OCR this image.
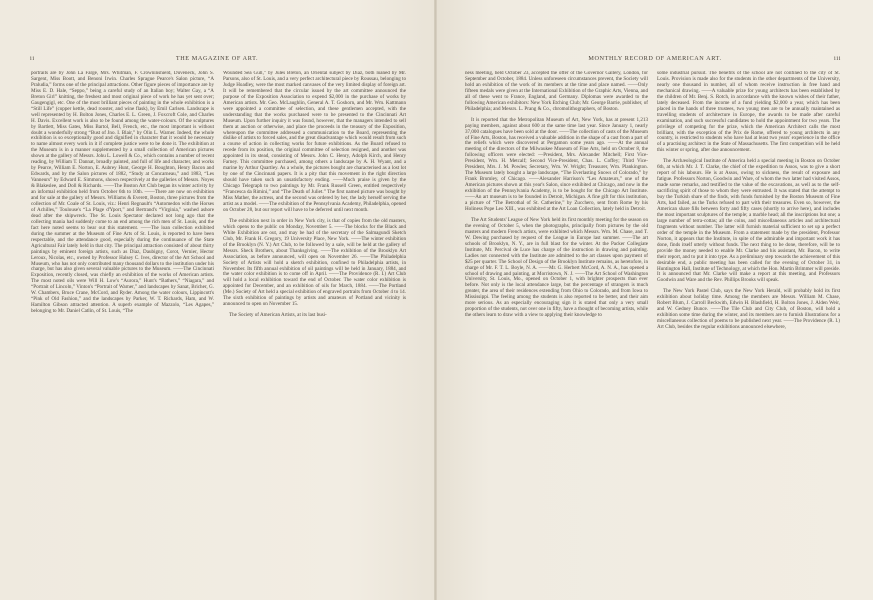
ii	THE MAGAZINE OF ART.

portraits are by John La Farge, Mrs. Whitman, F. Crowninshield, Duveneck, John S. Sargent, Miss Boott, and Benoni Irwin. Charles Sprague Pearce's Salon picture, “A Praludia,” forms one of the principal attractions. Other figure pieces of importance are by Miss E. D. Hale, “Seppo,” being a careful study of an Italian boy; Walter Gay, a “A Breton Girl” knitting, the freshest and most original piece of work he has yet sent over; Gaugengigl, etc. One of the most brilliant pieces of painting in the whole exhibition is a “Still Life” (copper kettle, dead rooster, and wine flask), by Emil Carlsen. Landscape is well represented by H. Bolton Jones, Charles E. L. Green, J. Foxcroft Cole, and Charles H. Davis. Excellent work is also to be found among the water-colours. Of the sculptures by Bartlett, Miss Gates, Miss Bartol, Bell, French, etc., the most important is without doubt a wonderfully strong “Bust of Jno. I. Blair,” by Olin L. Warner. Indeed, the whole exhibition is so exceptionally good and dignified in character that it would be necessary to name almost every work in it if complete justice were to be done it. The exhibition at the Museum is in a manner supplemented by a small collection of American pictures shown at the gallery of Messrs. Johu L. Lowell & Co., which contains a number of recent reading, by William T. Dannat, broadly painted, and full of life and character, and works by Pearce, William E. Norton, E. Aubrey Hunt, George H. Boughton, Henry Bacon and Edwards, and by the Salon pictures of 1882, “Study at Concarneau,” and 1883, “Les Vanneurs” by Edward E. Simmons, shown respectively at the galleries of Messrs. Noyes & Blakeslee, and Doll & Richards. ——The Boston Art Club began its winter activity by an informal exhibition held from October 6th to 10th. ——There are now on exhibition and for sale at the gallery of Messrs. Williams & Everett, Boston, three pictures from the collection of Mr. Coale of St. Louis, viz.: Henri Regnault's “Automedon with the Horses of Achilles,” Toulouse's “La Plage d'Yport,” and Bertrand's “Virginia,” washed ashore dead after the shipwreck. The St. Louis Spectator declared not long ago that the collecting mania had suddenly come to an end among the rich men of St. Louis, and the fact here noted seems to bear out this statement. ——The loan collection exhibited during the summer at the Museum of Fine Arts of St. Louis, is reported to have been respectable, and the attendance good, especially during the continuance of the State Agricultural Fair lately held in that city. The principal attraction consisted of about thirty paintings by eminent foreign artists, such as Diaz, Daubigny, Corot, Vernier, Hector Leroux, Nicolas, etc., owned by Professor Halsey C. Ives, director of the Art School and Museum, who has not only contributed many thousand dollars to the institution under his charge, but has also given several valuable pictures to the Museum. ——The Cincinnati Exposition, recently closed, was chiefly an exhibition of the works of American artists. The most noted oils were Will H. Low's “Aurora,” Hunt's “Bathers,” “Niagara,” and “Portrait of Lincoln,” Vinton's “Portrait of Warner,” and landscapes by Sanat, Bricher, G. W. Chambers, Bruce Crane, McCord, and Ryder. Among the water colours, Lippincott's “Pink of Old Fashion,” and the landscapes by Parker, W. T. Richards, Ham, and W. Hamilton Gibson attracted attention. A superb example of Mazzolo, “Les Agapes,” belonging to Mr. Daniel Catlin, of St. Louis, “The

Wounded Sea Gull,” by Jules Breton, an Oriental subject by Diaz, both loaned by Mr. Parsons, also of St. Louis, and a very perfect architectural piece by Roussau, belonging to Judge Hoadley, were the most marked canvases of the very limited display of foreign art. It will be remembered that the circular issued by the art committee announced the purpose of the Exposition Association to expend $2,000 in the purchase of works by American artists. Mr. Geo. McLaughlin, General A. T. Goshorn, and Mr. Wm. Kattmann were appointed a committee of selection, and these gentlemen accepted, with the understanding that the works purchased were to be presented to the Cincinnati Art Museum. Upon further inquiry it was found, however, that the managers intended to sell them at auction or otherwise, and place the proceeds in the treasury of the Exposition, whereupon the committee addressed a communication to the Board, representing the dislike of artists to forced sales, and the great disadvantage which would result from such a course of action in collecting works for future exhibitions. As the Board refused to recede from its position, the original committee of selection resigned, and another was appointed in its stead, consisting of Messrs. John C. Henry, Adolph Kirch, and Henry Farney. This committee purchased, among others a landscape by A. H. Wyant, and a marine by Arthur Quartley. As a whole, the pictures bought are characterised as a lost lot by one of the Cincinnati papers. It is a pity that this movement in the right direction should have taken such an unsatisfactory ending. ——Much praise is given by the Chicago Telegraph to two paintings by Mr. Frank Russell Green, entitled respectively “Francesca da Rimini,” and “The Death of Juliet.” The first named picture was bought by Miss Mather, the actress, and the second was ordered by her, the lady herself serving the artist as a model. ——The exhibition of the Pennsylvania Academy, Philadelphia, opened on October 28, but our report will have to be deferred until next month.

The exhibition next in order in New York city, is that of copies from the old masters, which opens to the public on Monday, November 5. ——The blocks for the Black and White Exhibition are out, and may be had of the secretary of the Salmagundi Sketch Club, Mr. Frank H. Gregory, 19 University Place, New York. ——The winter exhibition of the Brooklyn (N. Y.) Art Club, to be followed by a sale, will be held at the gallery of Messrs. Sheck Brothers, about Thanksgiving. ——The exhibition of the Brooklyn Art Association, as before announced, will open on November 26. ——The Philadelphia Society of Artists will hold a sketch exhibition, confined to Philadelphia artists, in November. Its fifth annual exhibition of oil paintings will be held in January, 1884, and the water color exhibition is to come off in April. ——The Providence (R. I.) Art Club will hold a local exhibition toward the end of October. The water color exhibition is appointed for December, and an exhibition of oils for March, 1884. ——The Portland (Me.) Society of Art held a special exhibition of engraved portraits from October 4 to 14. The sixth exhibition of paintings by artists and amateurs of Portland and vicinity is announced to open on November 15.

The Society of American Artists, at its last busi-

MONTHLY RECORD OF AMERICAN ART.	iii

ness meeting, held October 23, accepted the offer of the Governor Gallery, London, for September and October, 1884. Unless unforeseen circumstances prevent, the Society will hold an exhibition of the work of its members at the time and place named. ——Only fifteen medals were given at the International Exhibition of the Graphic Arts, Vienna, and all of these went to France, England, and Germany. Diplomas were awarded to the following American exhibitors: New York Etching Club; Mr. George Barrie, publisher, of Philadelphia; and Messrs. L. Prang & Co., chromolithographers, of Boston.

It is reported that the Metropolitan Museum of Art, New York, has at present 1,213 paying members, against about 600 at the same time last year. Since January 1, nearly 37,000 catalogues have been sold at the door. ——The collection of casts of the Museum of Fine Arts, Boston, has received a valuable addition in the shape of a cast from a part of the reliefs which were discovered at Pergamon some years ago. ——At the annual meeting of the directors of the Milwaukee Museum of Fine Arts, held on October 8, the following officers were elected: —President, Mrs. Alexander Mitchell; First Vice-President, Wm. H. Metcalf; Second Vice-President, Chas. L. Coffey; Third Vice-President, Mrs. J. M. Powles; Secretary, Wm. W. Wright; Treasurer, Wm. Plankington. The Museum lately bought a large landscape, “The Everlasting Snows of Colorado,” by Frank Bromley, of Chicago. ——Alexander Harrison's “Les Amateurs,” one of the American pictures shown at this year's Salon, since exhibited at Chicago, and now in the exhibition of the Pennsylvania Academy, is to be bought for the Chicago Art Institute. ——An art museum is to be founded in Detroit, Michigan. A fine gift for this institution, a picture of “The Betrothal of St. Catherine,” by Zucchero, sent from Rome by his Holiness Pope Leo XIII., was exhibited at the Art Loan Collection, lately held in Detroit.

The Art Students' League of New York held its first monthly meeting for the season on the evening of October 5, when the photographs, principally from pictures by the old masters and modern French artists, were exhibited which Messrs. Wm. M. Chase, and T. W. Dewing purchased by request of the League in Europe last summer. ——The art schools of Brooklyn, N. Y., are in full blast for the winter. At the Packer Collegiate Institute, Mr. Percival de Luce has charge of the instruction in drawing and painting. Ladies not connected with the Institute are admitted to the art classes upon payment of $25 per quarter. The School of Design of the Brooklyn Institute remains, as heretofore, in charge of Mr. F. T. L. Boyle, N. A. ——Mr. G. Herbert McCord, A. N. A., has opened a school of drawing and painting, at Morristown, N. J. ——The Art School of Washington University, St. Louis, Mo., opened on October 1, with brighter prospects than ever before. Not only is the local attendance large, but the percentage of strangers is much greater, the area of their residences extending from Ohio to Colorado, and from Iowa to Mississippi. The feeling among the students is also reported to be better, and their aim more serious. As an especially encouraging sign it is stated that only a very small proportion of the students, not over one in fifty, have a thought of becoming artists, while the others learn to draw with a view to applying their knowledge to

some industrial pursuit. The benefits of the school are not confined to the city of St. Louis. Provision is made also for the students in the other departments of the University, nearly one thousand in number, all of whom receive instruction in free hand and mechanical drawing. ——A valuable prize for young architects has been established by the children of Mr. Benj. S. Rotch, in accordance with the known wishes of their father, lately deceased. From the income of a fund yielding $2,000 a year, which has been placed in the hands of three trustees, two young men are to be annually maintained as travelling students of architecture in Europe, the awards to be made after careful examination, and such successful candidates to hold the appointment for two years. The privilege of competing for the prize, which the American Architect calls the most brilliant, with the exception of the Prix de Rome, offered to young architects in any country, is restricted to students who have had at least two years' experience in the office of a practising architect in the State of Massachusetts. The first competition will be held this winter or spring, after due announcement.

The Archæological Institute of America held a special meeting in Boston on October 6th, at which Mr. J. T. Clarke, the chief of the expedition to Assos, was to give a short report of his labours. He is at Assos, owing to sickness, the result of exposure and fatigue. Professors Norton, Goodwin and Ware, of whom the two latter had visited Assos, made some remarks, and testified to the value of the excavations, as well as to the self-sacrificing spirit of those to whom they were entrusted. It was stated that the attempt to buy the Turkish share of the finds, with funds furnished by the Boston Museum of Fine Arts, had failed, as the Turks refused to part with their treasures. Even so, however, the American share fills between forty and fifty cases (shortly to arrive here), and includes the most important sculptures of the temple; a marble head; all the inscriptions but one; a large number of terra-cottas; all the coins, and miscellaneous articles and architectural fragments without number. The latter will furnish material sufficient to set up a perfect order of the temple in the Museum. From a statement made by the president, Professor Norton, it appears that the Institute, in spite of the admirable and important work it has done, finds itself utterly without funds. The next thing to be done, therefore, will be to provide the money needed to enable Mr. Clarke and his assistant, Mr. Bacon, to write their report, and to put it into type. As a preliminary step towards the achievement of this desirable end, a public meeting has been called for the evening of October 31, in Huntington Hall, Institute of Technology, at which the Hon. Martin Brimmer will preside. It is announced that Mr. Clarke will make a report at this meeting, and Professors Goodwin and Ware and the Rev. Phillips Brooks will speak.

The New York Pastel Club, says the New York Herald, will probably hold its first exhibition about holiday time. Among the members are Messrs. William M. Chase, Robert Blum, J. Carroll Beckwith, Edwin H. Blashfield, H. Bolton Jones, J. Alden Weir, and W. Gedney Bunce. ——The Tile Club and City Club, of Boston, will hold a exhibition some time during the winter, and its members are to furnish illustrations for a miscellaneous collection of poems to be published next year. ——The Providence (R. I.) Art Club, besides the regular exhibitions announced elsewhere,
